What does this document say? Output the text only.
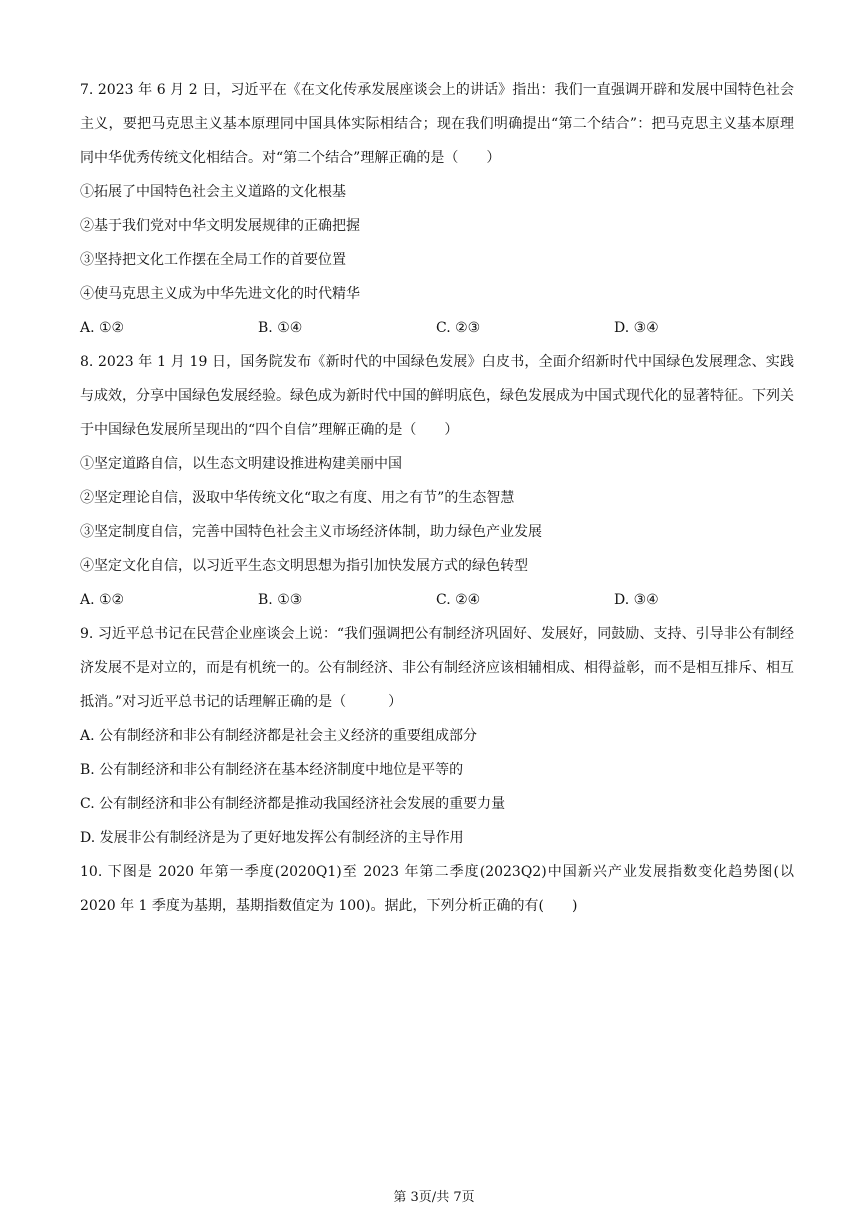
7. 2023 年 6 月 2 日，习近平在《在文化传承发展座谈会上的讲话》指出：我们一直强调开辟和发展中国特色社会主义，要把马克思主义基本原理同中国具体实际相结合；现在我们明确提出“第二个结合”：把马克思主义基本原理同中华优秀传统文化相结合。对“第二个结合”理解正确的是（　　）

①拓展了中国特色社会主义道路的文化根基

②基于我们党对中华文明发展规律的正确把握

③坚持把文化工作摆在全局工作的首要位置

④使马克思主义成为中华先进文化的时代精华

A. ①②	B. ①④	C. ②③	D. ③④

8. 2023 年 1 月 19 日，国务院发布《新时代的中国绿色发展》白皮书，全面介绍新时代中国绿色发展理念、实践与成效，分享中国绿色发展经验。绿色成为新时代中国的鲜明底色，绿色发展成为中国式现代化的显著特征。下列关于中国绿色发展所呈现出的“四个自信”理解正确的是（　　）

①坚定道路自信，以生态文明建设推进构建美丽中国

②坚定理论自信，汲取中华传统文化“取之有度、用之有节”的生态智慧

③坚定制度自信，完善中国特色社会主义市场经济体制，助力绿色产业发展

④坚定文化自信，以习近平生态文明思想为指引加快发展方式的绿色转型

A. ①②	B. ①③	C. ②④	D. ③④

9. 习近平总书记在民营企业座谈会上说：“我们强调把公有制经济巩固好、发展好，同鼓励、支持、引导非公有制经济发展不是对立的，而是有机统一的。公有制经济、非公有制经济应该相辅相成、相得益彰，而不是相互排斥、相互抵消。”对习近平总书记的话理解正确的是（　　　）

A. 公有制经济和非公有制经济都是社会主义经济的重要组成部分

B. 公有制经济和非公有制经济在基本经济制度中地位是平等的

C. 公有制经济和非公有制经济都是推动我国经济社会发展的重要力量

D. 发展非公有制经济是为了更好地发挥公有制经济的主导作用

10. 下图是 2020 年第一季度(2020Q1)至 2023 年第二季度(2023Q2)中国新兴产业发展指数变化趋势图(以 2020 年 1 季度为基期，基期指数值定为 100)。据此，下列分析正确的有(　　)

第 3页/共 7页
